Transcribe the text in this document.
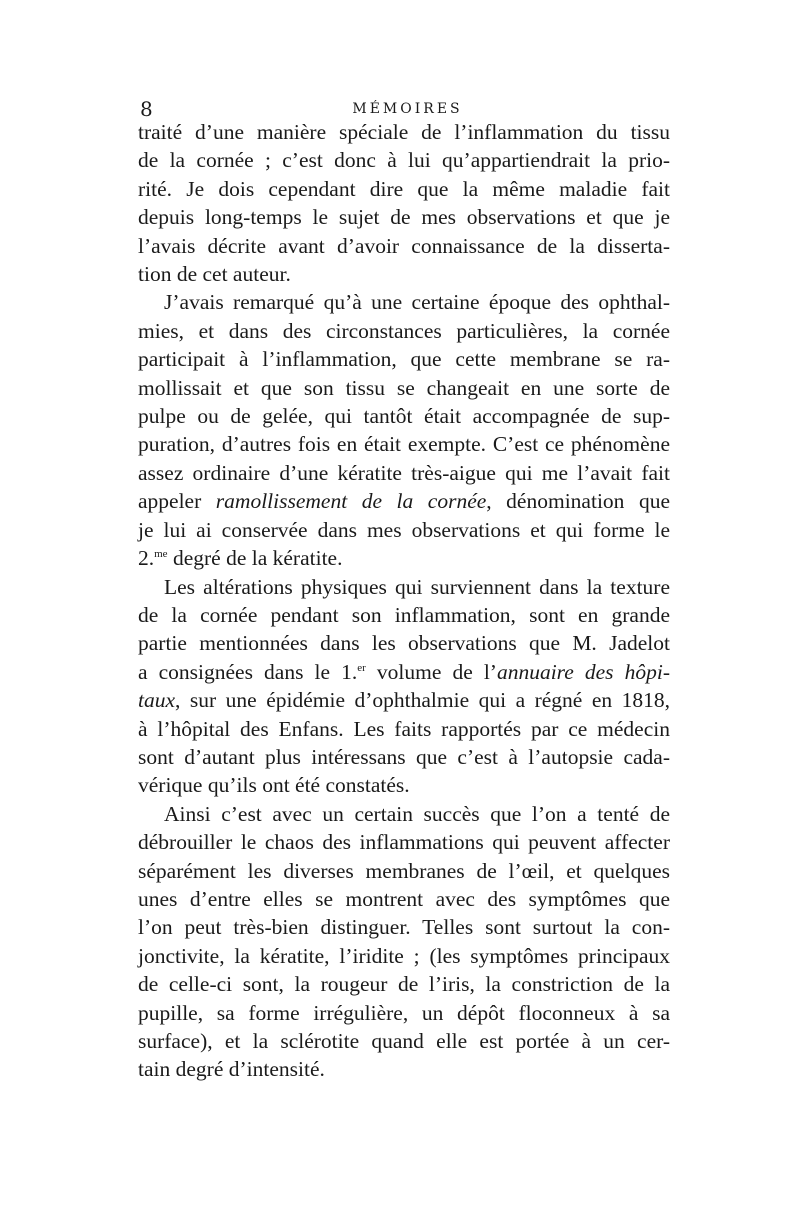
8	MÉMOIRES

traité d’une manière spéciale de l’inflammation du tissu
de la cornée ; c’est donc à lui qu’appartiendrait la prio-
rité. Je dois cependant dire que la même maladie fait
depuis long-temps le sujet de mes observations et que je
l’avais décrite avant d’avoir connaissance de la disserta-
tion de cet auteur.

J’avais remarqué qu’à une certaine époque des ophthal-
mies, et dans des circonstances particulières, la cornée
participait à l’inflammation, que cette membrane se ra-
mollissait et que son tissu se changeait en une sorte de
pulpe ou de gelée, qui tantôt était accompagnée de sup-
puration, d’autres fois en était exempte. C’est ce phénomène
assez ordinaire d’une kératite très-aigue qui me l’avait fait
appeler ramollissement de la cornée, dénomination que
je lui ai conservée dans mes observations et qui forme le
2.$^{me}$ degré de la kératite.

Les altérations physiques qui surviennent dans la texture
de la cornée pendant son inflammation, sont en grande
partie mentionnées dans les observations que M. Jadelot
a consignées dans le 1.$^{er}$ volume de l’annuaire des hôpi-
taux, sur une épidémie d’ophthalmie qui a régné en 1818,
à l’hôpital des Enfans. Les faits rapportés par ce médecin
sont d’autant plus intéressans que c’est à l’autopsie cada-
vérique qu’ils ont été constatés.

Ainsi c’est avec un certain succès que l’on a tenté de
débrouiller le chaos des inflammations qui peuvent affecter
séparément les diverses membranes de l’œil, et quelques
unes d’entre elles se montrent avec des symptômes que
l’on peut très-bien distinguer. Telles sont surtout la con-
jonctivite, la kératite, l’iridite ; (les symptômes principaux
de celle-ci sont, la rougeur de l’iris, la constriction de la
pupille, sa forme irrégulière, un dépôt floconneux à sa
surface), et la sclérotite quand elle est portée à un cer-
tain degré d’intensité.
